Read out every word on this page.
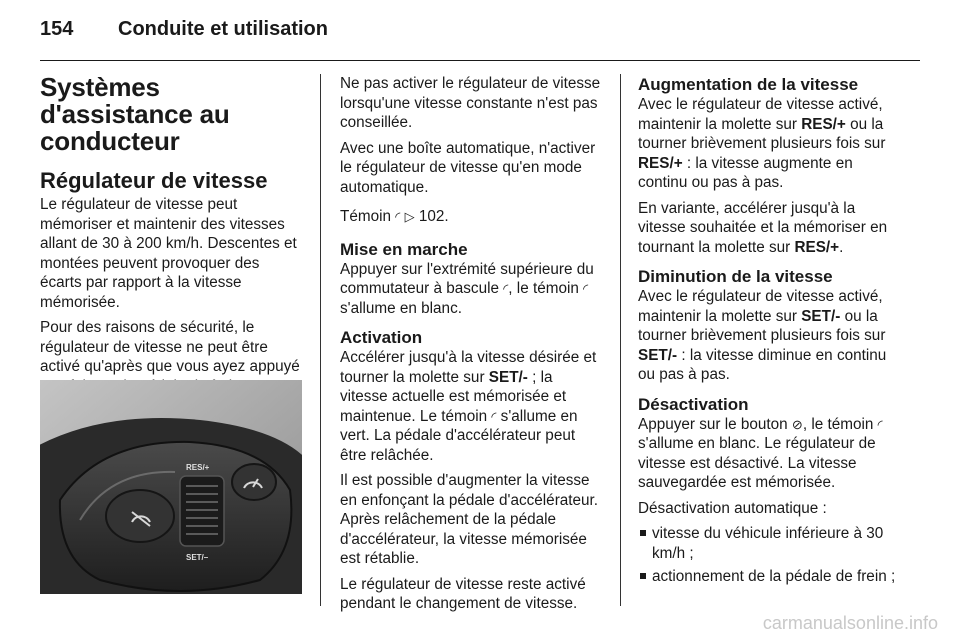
154	Conduite et utilisation
Systèmes d'assistance au conducteur
Régulateur de vitesse

Le régulateur de vitesse peut mémoriser et maintenir des vitesses allant de 30 à 200 km/h. Descentes et montées peuvent provoquer des écarts par rapport à la vitesse mémorisée.

Pour des raisons de sécurité, le régulateur de vitesse ne peut être activé qu'après que vous ayez appuyé

RES/+
SET/–

Ne pas activer le régulateur de vitesse lorsqu'une vitesse constante n'est pas conseillée.

Avec une boîte automatique, n'activer le régulateur de vitesse qu'en mode automatique.

Témoin ◜ ▷ 102.

Mise en marche

Appuyer sur l'extrémité supérieure du commutateur à bascule ◜, le témoin ◜ s'allume en blanc.

Activation

Accélérer jusqu'à la vitesse désirée et tourner la molette sur SET/- ; la vitesse actuelle est mémorisée et maintenue. Le témoin ◜ s'allume en vert. La pédale d'accélérateur peut être relâchée.

Il est possible d'augmenter la vitesse en enfonçant la pédale d'accélérateur. Après relâchement de la pédale d'accélérateur, la vitesse mémorisée est rétablie.

Le régulateur de vitesse reste activé pendant le changement de vitesse.

Augmentation de la vitesse

Avec le régulateur de vitesse activé, maintenir la molette sur RES/+ ou la tourner brièvement plusieurs fois sur RES/+ : la vitesse augmente en continu ou pas à pas.

En variante, accélérer jusqu'à la vitesse souhaitée et la mémoriser en tournant la molette sur RES/+.

Diminution de la vitesse

Avec le régulateur de vitesse activé, maintenir la molette sur SET/- ou la tourner brièvement plusieurs fois sur SET/- : la vitesse diminue en continu ou pas à pas.

Désactivation

Appuyer sur le bouton ⊘, le témoin ◜ s'allume en blanc. Le régulateur de vitesse est désactivé. La vitesse sauvegardée est mémorisée.

Désactivation automatique :

vitesse du véhicule inférieure à 30 km/h ;
actionnement de la pédale de frein ;
carmanualsonline.info
